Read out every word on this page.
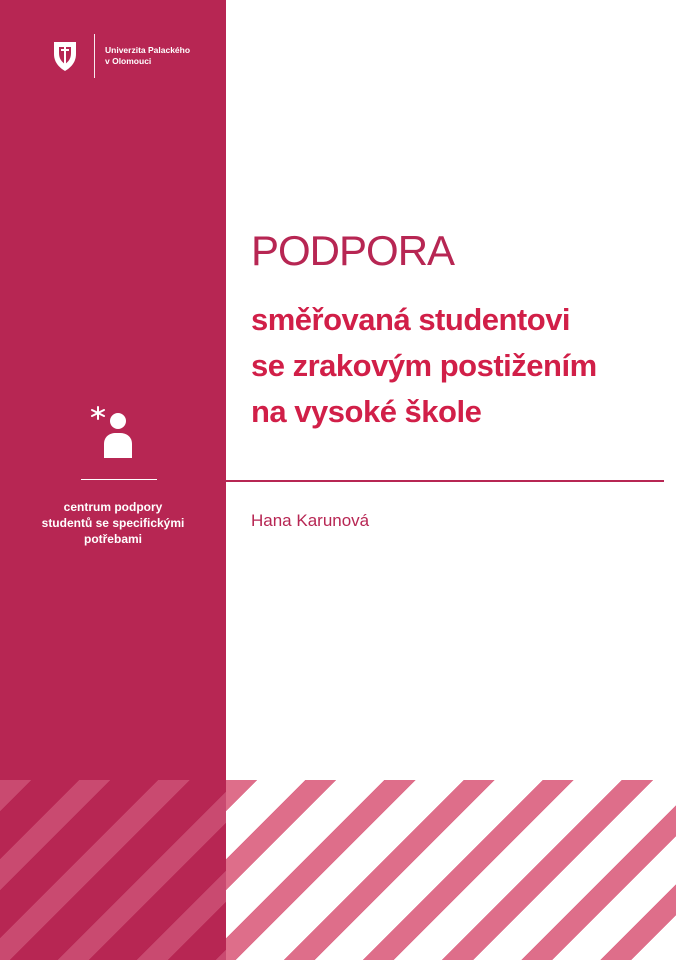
Univerzita Palackého
v Olomouci
centrum podpory
studentů se specifickými
potřebami
PODPORA
směřovaná studentovi
se zrakovým postižením
na vysoké škole
Hana Karunová
